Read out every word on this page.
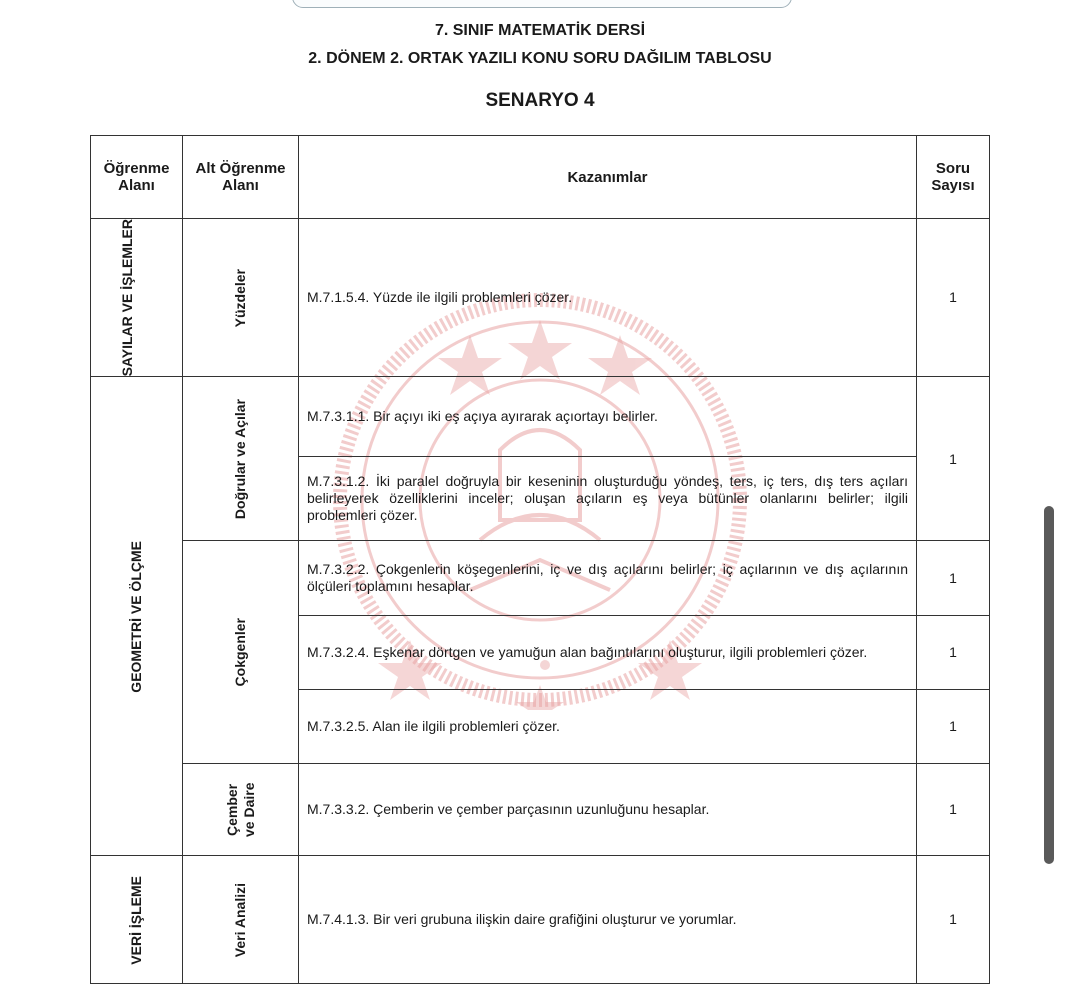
7. SINIF MATEMATİK DERSİ
2. DÖNEM 2. ORTAK YAZILI KONU SORU DAĞILIM TABLOSU
SENARYO 4
Öğrenme Alanı	Alt Öğrenme Alanı	Kazanımlar	Soru Sayısı

SAYILAR VE İŞLEMLER	Yüzdeler	M.7.1.5.4. Yüzde ile ilgili problemleri çözer.	1

GEOMETRİ VE ÖLÇME	Doğrular ve Açılar	M.7.3.1.1. Bir açıyı iki eş açıya ayırarak açıortayı belirler.	1
		M.7.3.1.2. İki paralel doğruyla bir keseninin oluşturduğu yöndeş, ters, iç ters, dış ters açıları belirleyerek özelliklerini inceler; oluşan açıların eş veya bütünler olanlarını belirler; ilgili problemleri çözer.	

	Çokgenler	M.7.3.2.2. Çokgenlerin köşegenlerini, iç ve dış açılarını belirler; iç açılarının ve dış açılarının ölçüleri toplamını hesaplar.	1
		M.7.3.2.4. Eşkenar dörtgen ve yamuğun alan bağıntılarını oluşturur, ilgili problemleri çözer.	1
		M.7.3.2.5. Alan ile ilgili problemleri çözer.	1

	Çember ve Daire	M.7.3.3.2. Çemberin ve çember parçasının uzunluğunu hesaplar.	1

VERİ İŞLEME	Veri Analizi	M.7.4.1.3. Bir veri grubuna ilişkin daire grafiğini oluşturur ve yorumlar.	1
